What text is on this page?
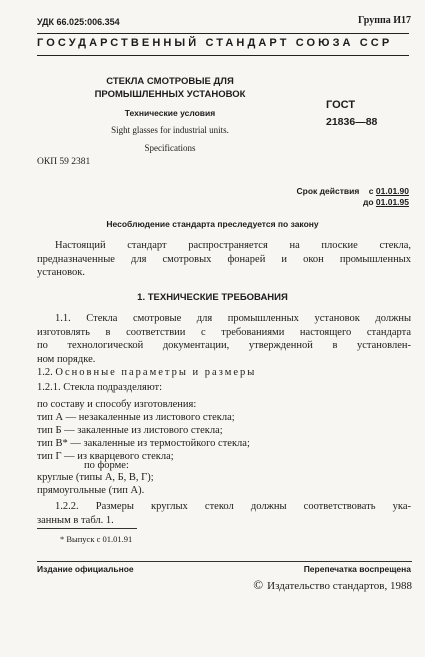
УДК 66.025:006.354	Группа И17
ГОСУДАРСТВЕННЫЙ СТАНДАРТ СОЮЗА ССР
СТЕКЛА СМОТРОВЫЕ ДЛЯ
ПРОМЫШЛЕННЫХ УСТАНОВОК
Технические условия
Sight glasses for industrial units.
Specifications
ГОСТ
21836—88
ОКП 59 2381
Срок действия с 01.01.90
до 01.01.95
Несоблюдение стандарта преследуется по закону

Настоящий стандарт распространяется на плоские стекла,

предназначенные для смотровых фонарей и окон промышленных

установок.

1. ТЕХНИЧЕСКИЕ ТРЕБОВАНИЯ

1.1. Стекла смотровые для промышленных установок должны

изготовлять в соответствии с требованиями настоящего стандарта

по технологической документации, утвержденной в установлен-

ном порядке.

1.2. Основные параметры и размеры
1.2.1. Стекла подразделяют:
по составу и способу изготовления:
тип А — незакаленные из листового стекла;
тип Б — закаленные из листового стекла;
тип В* — закаленные из термостойкого стекла;
тип Г — из кварцевого стекла;
по форме:
круглые (типы А, Б, В, Г);
прямоугольные (тип А).

1.2.2. Размеры круглых стекол должны соответствовать ука-

занным в табл. 1.

* Выпуск с 01.01.91
Издание официальное	Перепечатка воспрещена
© Издательство стандартов, 1988
